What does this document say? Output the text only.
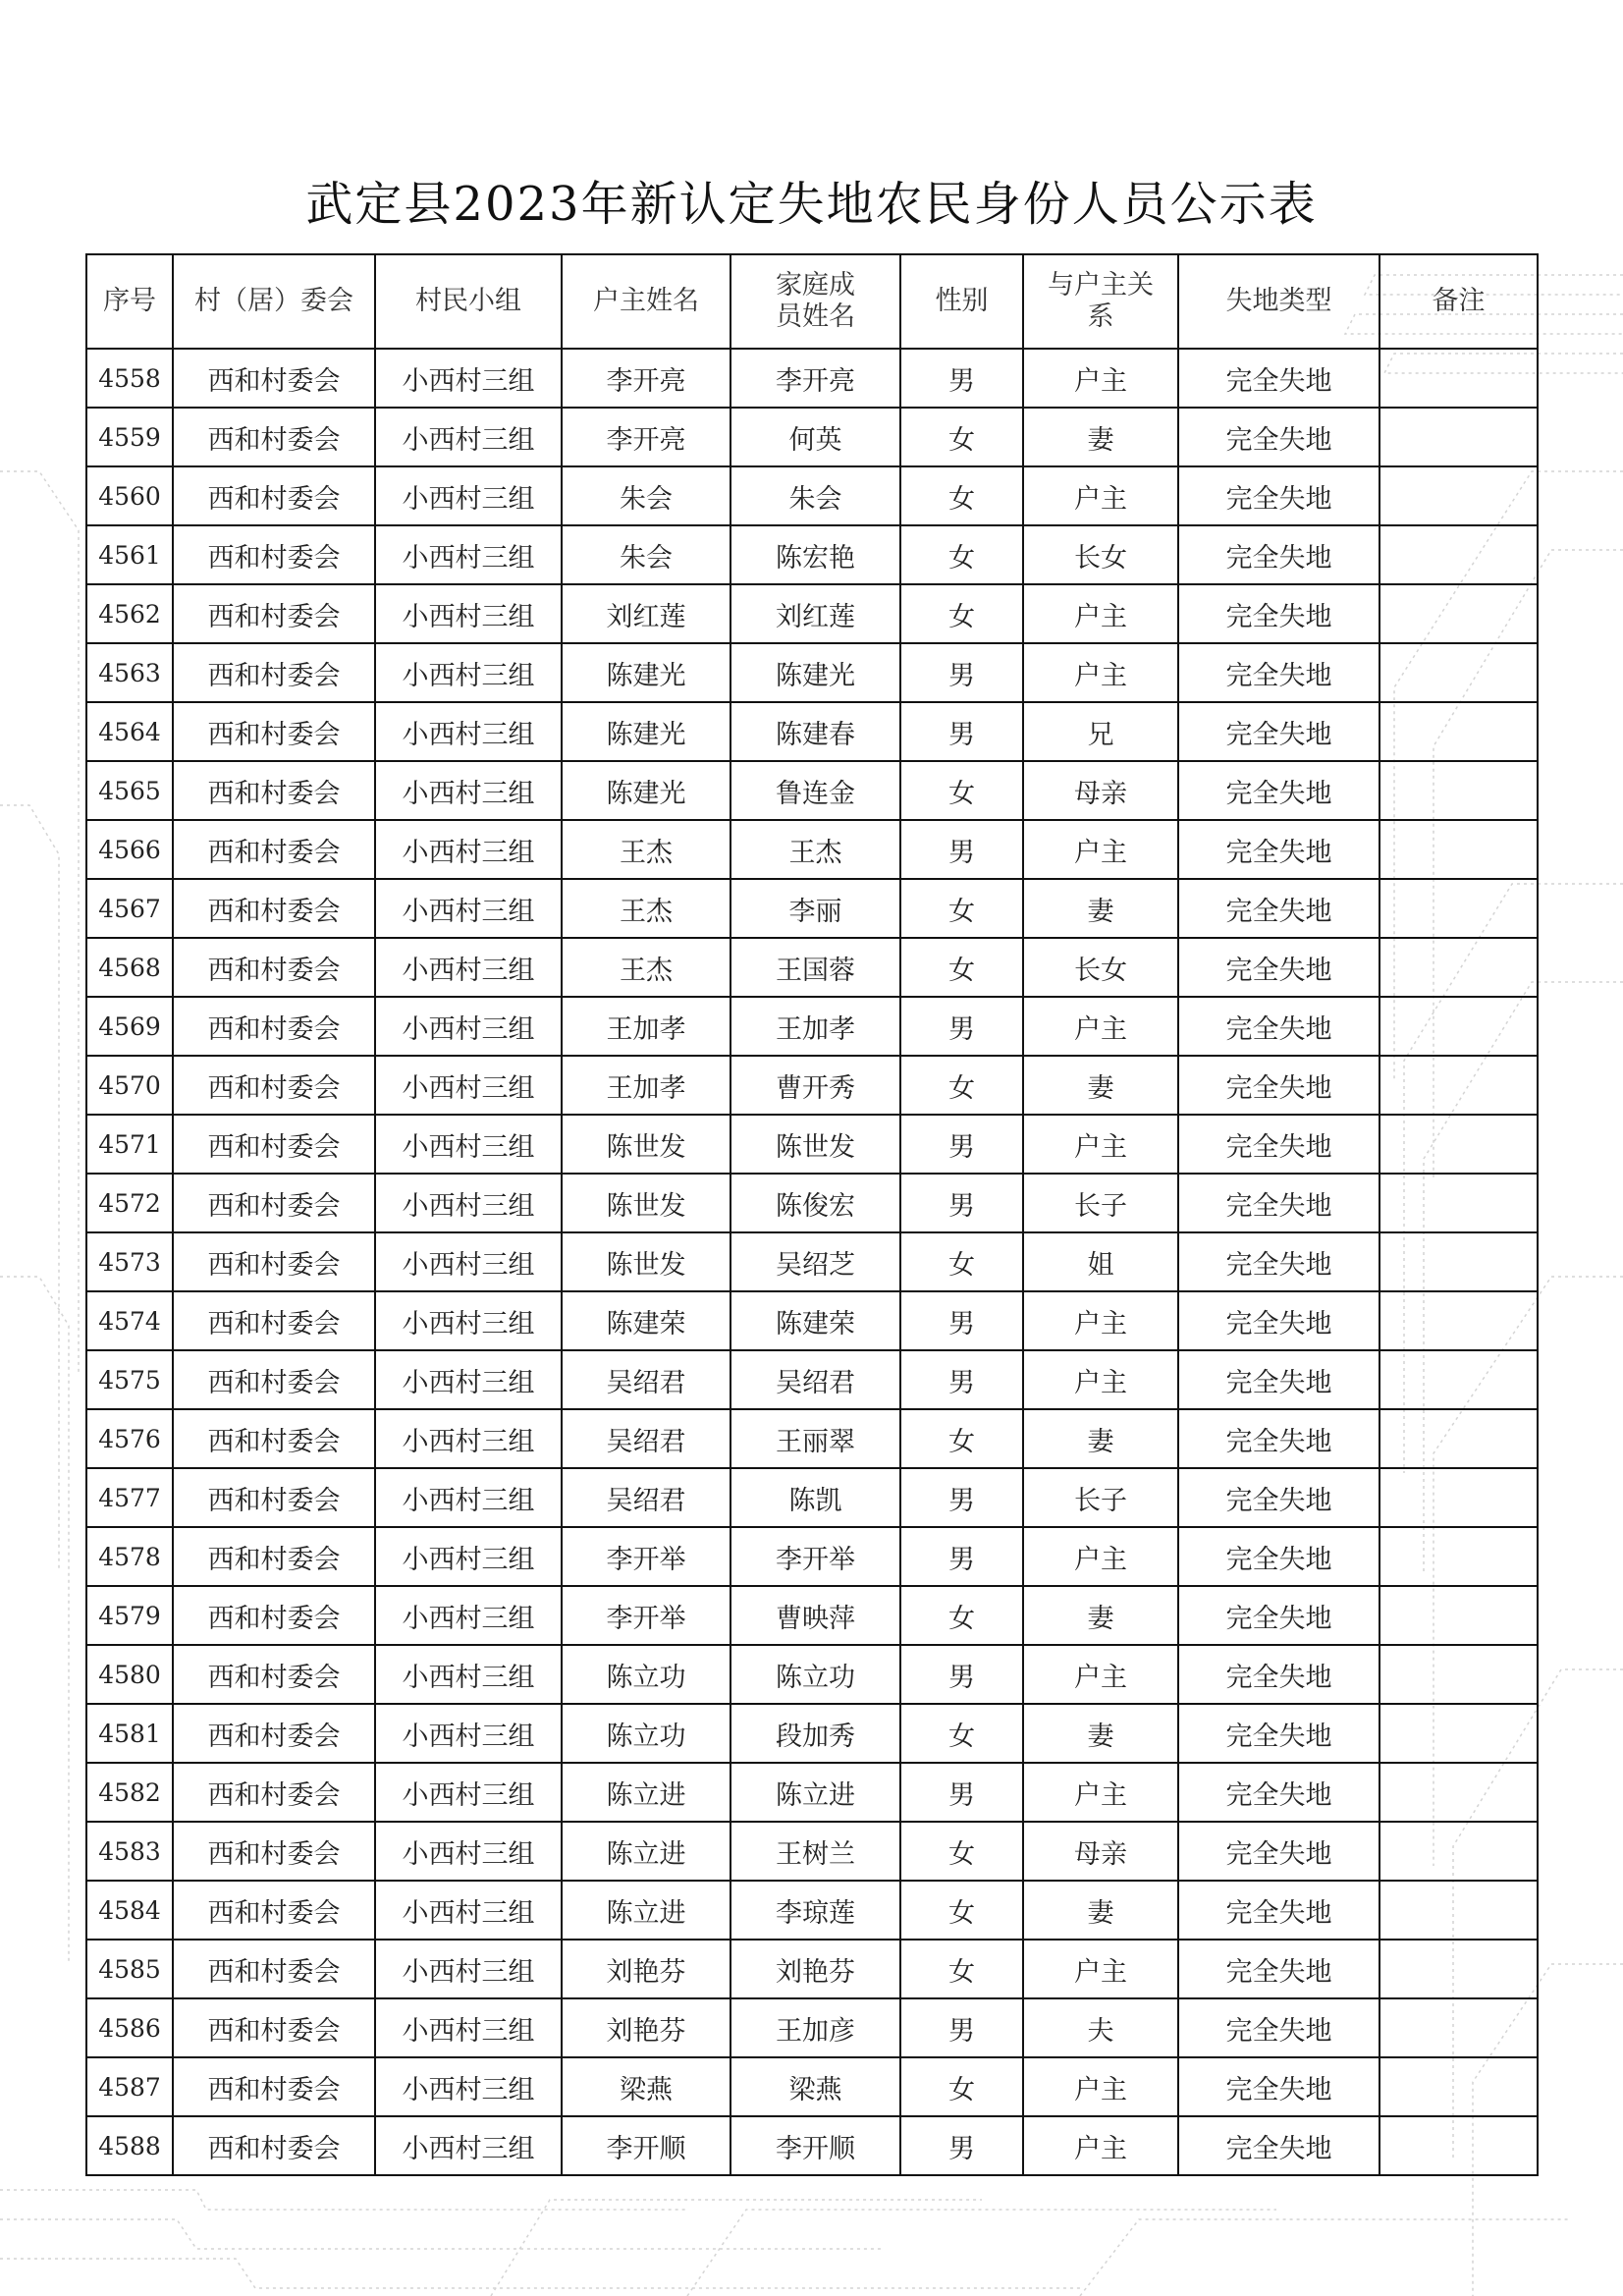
武定县2023年新认定失地农民身份人员公示表
序号	村（居）委会	村民小组	户主姓名	家庭成员姓名	性别	与户主关系	失地类型	备注
4558	西和村委会	小西村三组	李开亮	李开亮	男	户主	完全失地	
4559	西和村委会	小西村三组	李开亮	何英	女	妻	完全失地	
4560	西和村委会	小西村三组	朱会	朱会	女	户主	完全失地	
4561	西和村委会	小西村三组	朱会	陈宏艳	女	长女	完全失地	
4562	西和村委会	小西村三组	刘红莲	刘红莲	女	户主	完全失地	
4563	西和村委会	小西村三组	陈建光	陈建光	男	户主	完全失地	
4564	西和村委会	小西村三组	陈建光	陈建春	男	兄	完全失地	
4565	西和村委会	小西村三组	陈建光	鲁连金	女	母亲	完全失地	
4566	西和村委会	小西村三组	王杰	王杰	男	户主	完全失地	
4567	西和村委会	小西村三组	王杰	李丽	女	妻	完全失地	
4568	西和村委会	小西村三组	王杰	王国蓉	女	长女	完全失地	
4569	西和村委会	小西村三组	王加孝	王加孝	男	户主	完全失地	
4570	西和村委会	小西村三组	王加孝	曹开秀	女	妻	完全失地	
4571	西和村委会	小西村三组	陈世发	陈世发	男	户主	完全失地	
4572	西和村委会	小西村三组	陈世发	陈俊宏	男	长子	完全失地	
4573	西和村委会	小西村三组	陈世发	吴绍芝	女	姐	完全失地	
4574	西和村委会	小西村三组	陈建荣	陈建荣	男	户主	完全失地	
4575	西和村委会	小西村三组	吴绍君	吴绍君	男	户主	完全失地	
4576	西和村委会	小西村三组	吴绍君	王丽翠	女	妻	完全失地	
4577	西和村委会	小西村三组	吴绍君	陈凯	男	长子	完全失地	
4578	西和村委会	小西村三组	李开举	李开举	男	户主	完全失地	
4579	西和村委会	小西村三组	李开举	曹映萍	女	妻	完全失地	
4580	西和村委会	小西村三组	陈立功	陈立功	男	户主	完全失地	
4581	西和村委会	小西村三组	陈立功	段加秀	女	妻	完全失地	
4582	西和村委会	小西村三组	陈立进	陈立进	男	户主	完全失地	
4583	西和村委会	小西村三组	陈立进	王树兰	女	母亲	完全失地	
4584	西和村委会	小西村三组	陈立进	李琼莲	女	妻	完全失地	
4585	西和村委会	小西村三组	刘艳芬	刘艳芬	女	户主	完全失地	
4586	西和村委会	小西村三组	刘艳芬	王加彦	男	夫	完全失地	
4587	西和村委会	小西村三组	梁燕	梁燕	女	户主	完全失地	
4588	西和村委会	小西村三组	李开顺	李开顺	男	户主	完全失地	
